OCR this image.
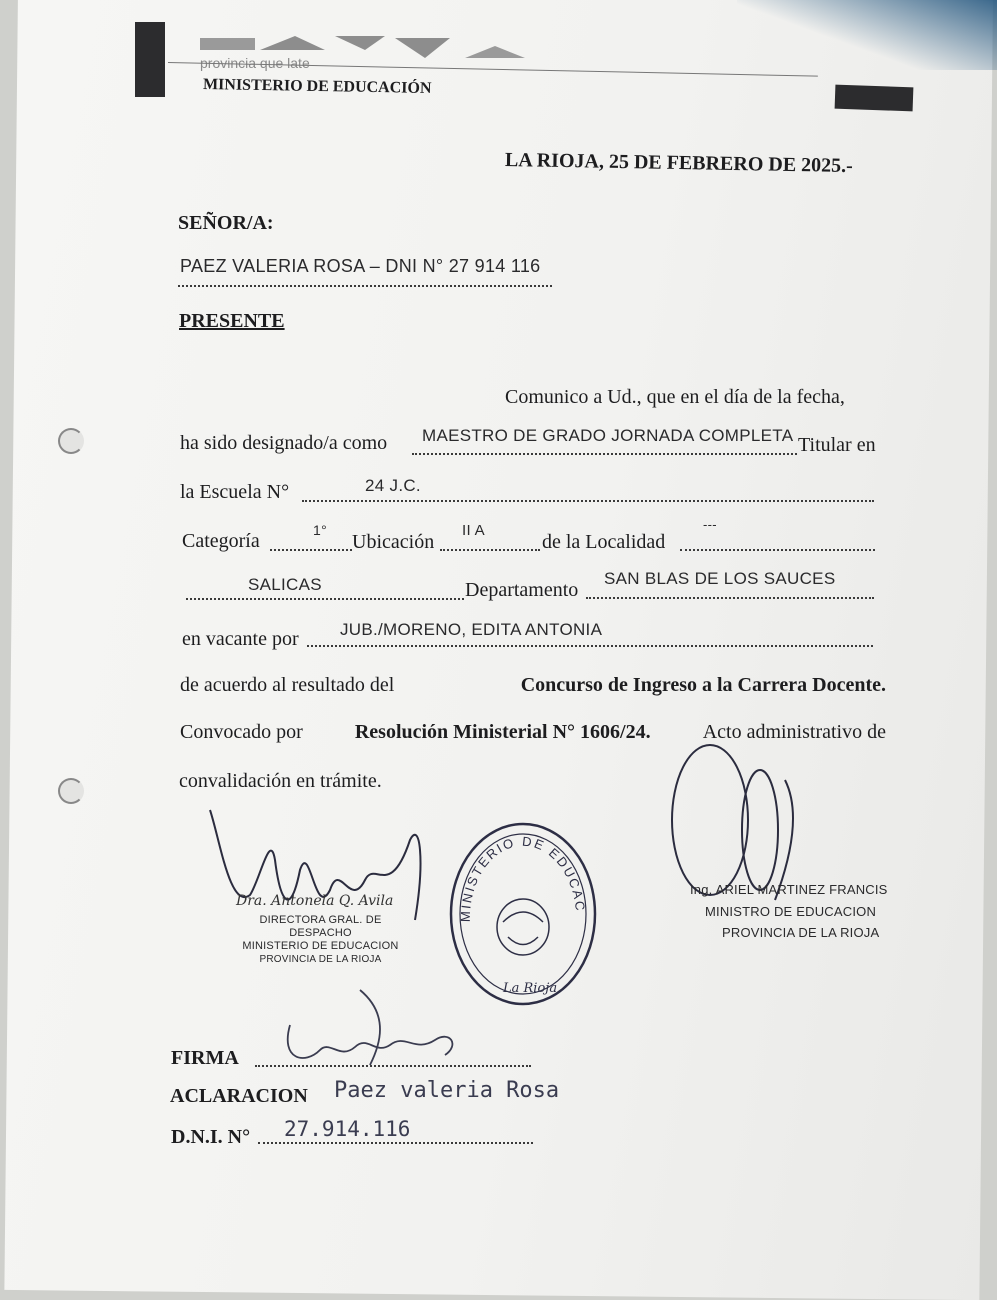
provincia que late
MINISTERIO DE EDUCACIÓN
LA RIOJA, 25 DE FEBRERO DE 2025.-
SEÑOR/A:
PAEZ VALERIA ROSA – DNI N° 27 914 116
PRESENTE
Comunico a Ud., que en el día de la fecha,
ha sido designado/a como MAESTRO DE GRADO JORNADA COMPLETA Titular en
la Escuela N°	24 J.C.
Categoría	1°
Ubicación
II A
de la Localidad
---
SALICAS	Departamento
SAN BLAS DE LOS SAUCES
en vacante por JUB./MORENO, EDITA ANTONIA
de acuerdo al resultado del	Concurso de Ingreso a la Carrera Docente.
Convocado por	Resolución Ministerial N° 1606/24.	Acto administrativo de
convalidación en trámite.
Dra. Antonela Q. Avila
DIRECTORA GRAL. DE DESPACHO
MINISTERIO DE EDUCACION
PROVINCIA DE LA RIOJA
MINISTERIO DE EDUCAC
La Rioja
Ing. ARIEL MARTINEZ FRANCIS
MINISTRO DE EDUCACION
PROVINCIA DE LA RIOJA
FIRMA
ACLARACION Paez valeria Rosa
D.N.I. N° 27.914.116
